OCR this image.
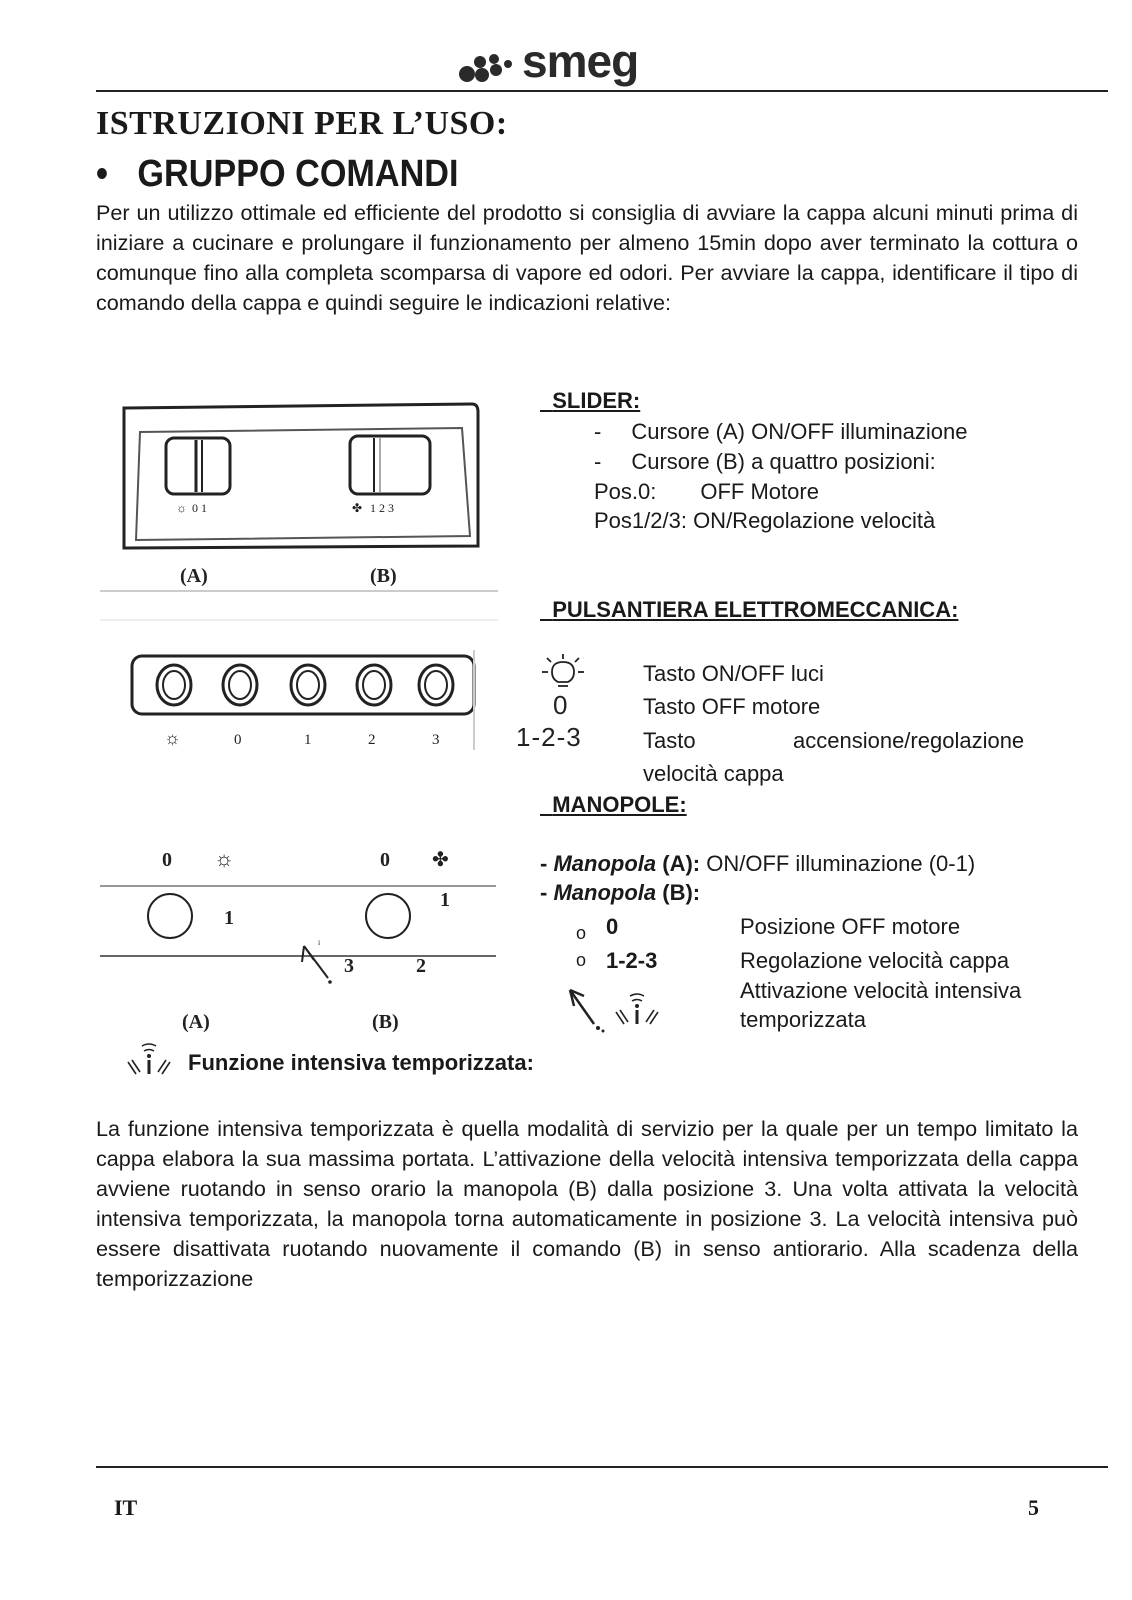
smeg
ISTRUZIONI PER L’USO:
• GRUPPO COMANDI
Per un utilizzo ottimale ed efficiente del prodotto si consiglia di avviare la cappa alcuni minuti prima di iniziare a cucinare e prolungare il funzionamento per almeno 15min dopo aver terminato la cottura o comunque fino alla completa scomparsa di vapore ed odori. Per avviare la cappa, identificare il tipo di comando della cappa e quindi seguire le indicazioni relative:
☼ 0 1	✤ 1 2 3
(A)	(B)
SLIDER:
- Cursore (A) ON/OFF illuminazione
- Cursore (B) a quattro posizioni:
Pos.0: OFF Motore
Pos1/2/3: ON/Regolazione velocità
☼	0	1	2	3
PULSANTIERA ELETTROMECCANICA:
Tasto ON/OFF luci
0	Tasto OFF motore
1-2-3	Tasto	accensione/regolazione
velocità cappa
0 ☼	0 ✤
1
1
2
3
ᵢ
(A)	(B)
MANOPOLE:
- Manopola (A): ON/OFF illuminazione (0-1)
- Manopola (B):
o 0	Posizione OFF motore
o 1-2-3	Regolazione velocità cappa
Attivazione velocità intensiva
temporizzata
Funzione intensiva temporizzata:
La funzione intensiva temporizzata è quella modalità di servizio per la quale per un tempo limitato la cappa elabora la sua massima portata. L’attivazione della velocità intensiva temporizzata della cappa avviene ruotando in senso orario la manopola (B) dalla posizione 3. Una volta attivata la velocità intensiva temporizzata, la manopola torna automaticamente in posizione 3. La velocità intensiva può essere disattivata ruotando nuovamente il comando (B) in senso antiorario. Alla scadenza della temporizzazione
IT	5
